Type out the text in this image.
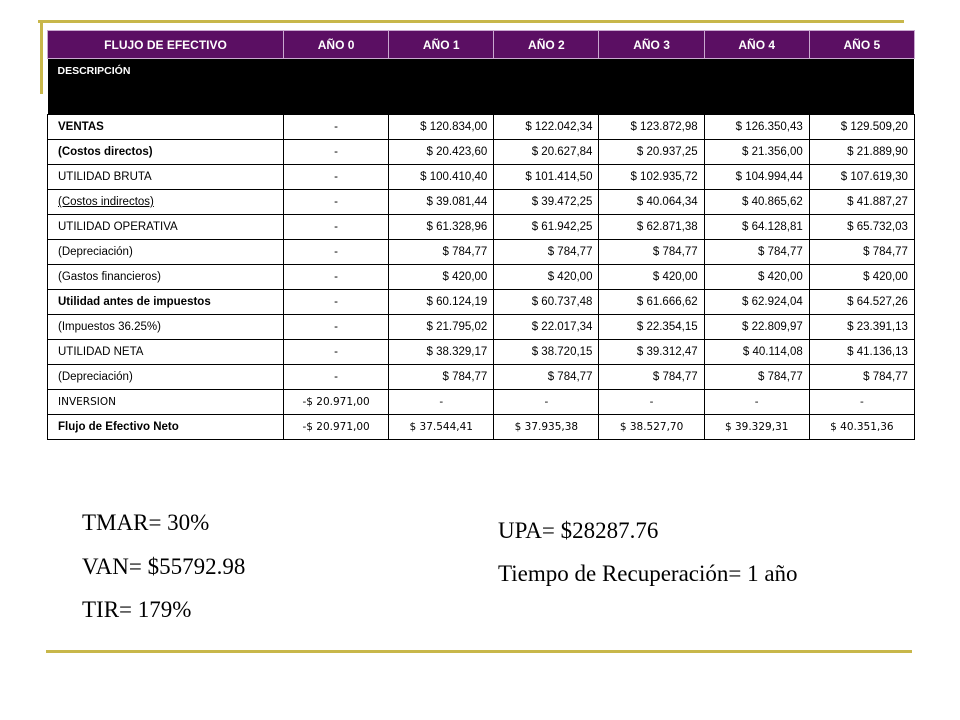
FLUJO DE EFECTIVO	AÑO 0	AÑO 1	AÑO 2	AÑO 3	AÑO 4	AÑO 5
DESCRIPCIÓN						
VENTAS	-	$ 120.834,00	$ 122.042,34	$ 123.872,98	$ 126.350,43	$ 129.509,20
(Costos directos)	-	$ 20.423,60	$ 20.627,84	$ 20.937,25	$ 21.356,00	$ 21.889,90
UTILIDAD BRUTA	-	$ 100.410,40	$ 101.414,50	$ 102.935,72	$ 104.994,44	$ 107.619,30
(Costos indirectos)	-	$ 39.081,44	$ 39.472,25	$ 40.064,34	$ 40.865,62	$ 41.887,27
UTILIDAD OPERATIVA	-	$ 61.328,96	$ 61.942,25	$ 62.871,38	$ 64.128,81	$ 65.732,03
(Depreciación)	-	$ 784,77	$ 784,77	$ 784,77	$ 784,77	$ 784,77
(Gastos financieros)	-	$ 420,00	$ 420,00	$ 420,00	$ 420,00	$ 420,00
Utilidad antes de impuestos	-	$ 60.124,19	$ 60.737,48	$ 61.666,62	$ 62.924,04	$ 64.527,26
(Impuestos 36.25%)	-	$ 21.795,02	$ 22.017,34	$ 22.354,15	$ 22.809,97	$ 23.391,13
UTILIDAD NETA	-	$ 38.329,17	$ 38.720,15	$ 39.312,47	$ 40.114,08	$ 41.136,13
(Depreciación)	-	$ 784,77	$ 784,77	$ 784,77	$ 784,77	$ 784,77
INVERSION	-$ 20.971,00	-	-	-	-	-
Flujo de Efectivo Neto	-$ 20.971,00	$ 37.544,41	$ 37.935,38	$ 38.527,70	$ 39.329,31	$ 40.351,36
TMAR= 30%
VAN= $55792.98
TIR= 179%
UPA= $28287.76
Tiempo de Recuperación= 1 año
